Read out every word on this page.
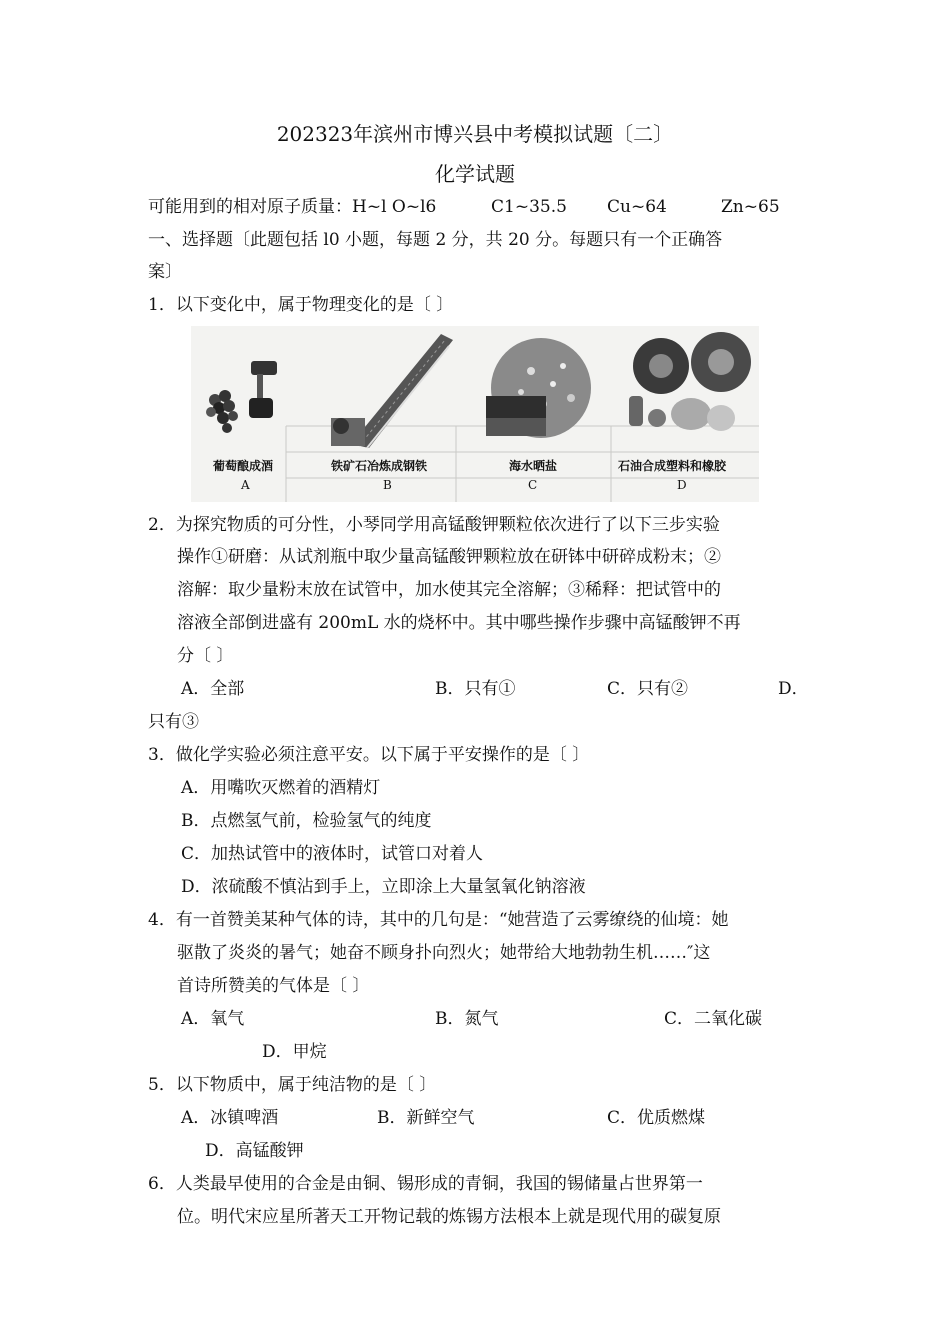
202323年滨州市博兴县中考模拟试题〔二〕
化学试题
可能用到的相对原子质量：H~l O~l6	C1~35.5 Cu~64	Zn~65
一、选择题〔此题包括 l0 小题，每题 2 分，共 20 分。每题只有一个正确答
案〕
1．以下变化中，属于物理变化的是〔 〕
葡萄酿成酒	铁矿石冶炼成钢铁	海水晒盐	石油合成塑料和橡胶
A	B	C	D
2．为探究物质的可分性，小琴同学用高锰酸钾颗粒依次进行了以下三步实验
操作①研磨：从试剂瓶中取少量高锰酸钾颗粒放在研钵中研碎成粉末；②
溶解：取少量粉末放在试管中，加水使其完全溶解；③稀释：把试管中的
溶液全部倒进盛有 200mL 水的烧杯中。其中哪些操作步骤中高锰酸钾不再
分〔 〕
A．全部	B．只有①	C．只有②	D．
只有③
3．做化学实验必须注意平安。以下属于平安操作的是〔 〕
A．用嘴吹灭燃着的酒精灯
B．点燃氢气前，检验氢气的纯度
C．加热试管中的液体时，试管口对着人
D．浓硫酸不慎沾到手上，立即涂上大量氢氧化钠溶液
4．有一首赞美某种气体的诗，其中的几句是：“她营造了云雾缭绕的仙境：她
驱散了炎炎的暑气；她奋不顾身扑向烈火；她带给大地勃勃生机……″这
首诗所赞美的气体是〔 〕
A．氧气	B．氮气	C．二氧化碳
D．甲烷
5．以下物质中，属于纯洁物的是〔 〕
A．冰镇啤酒	B．新鲜空气	C．优质燃煤
D．高锰酸钾
6．人类最早使用的合金是由铜、锡形成的青铜，我国的锡储量占世界第一
位。明代宋应星所著天工开物记载的炼锡方法根本上就是现代用的碳复原
